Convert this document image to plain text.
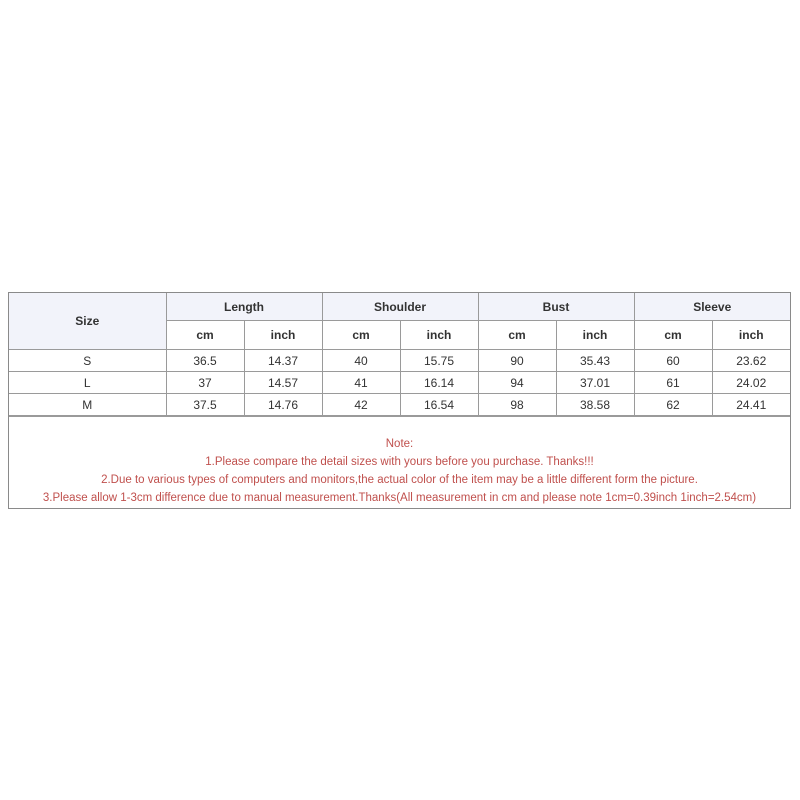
Size	Length		Shoulder		Bust		Sleeve	
	cm	inch	cm	inch	cm	inch	cm	inch
S	36.5	14.37	40	15.75	90	35.43	60	23.62
L	37	14.57	41	16.14	94	37.01	61	24.02
M	37.5	14.76	42	16.54	98	38.58	62	24.41
Note:
1.Please compare the detail sizes with yours before you purchase. Thanks!!!
2.Due to various types of computers and monitors,the actual color of the item may be a little different form the picture.
3.Please allow 1-3cm difference due to manual measurement.Thanks(All measurement in cm and please note 1cm=0.39inch 1inch=2.54cm)
